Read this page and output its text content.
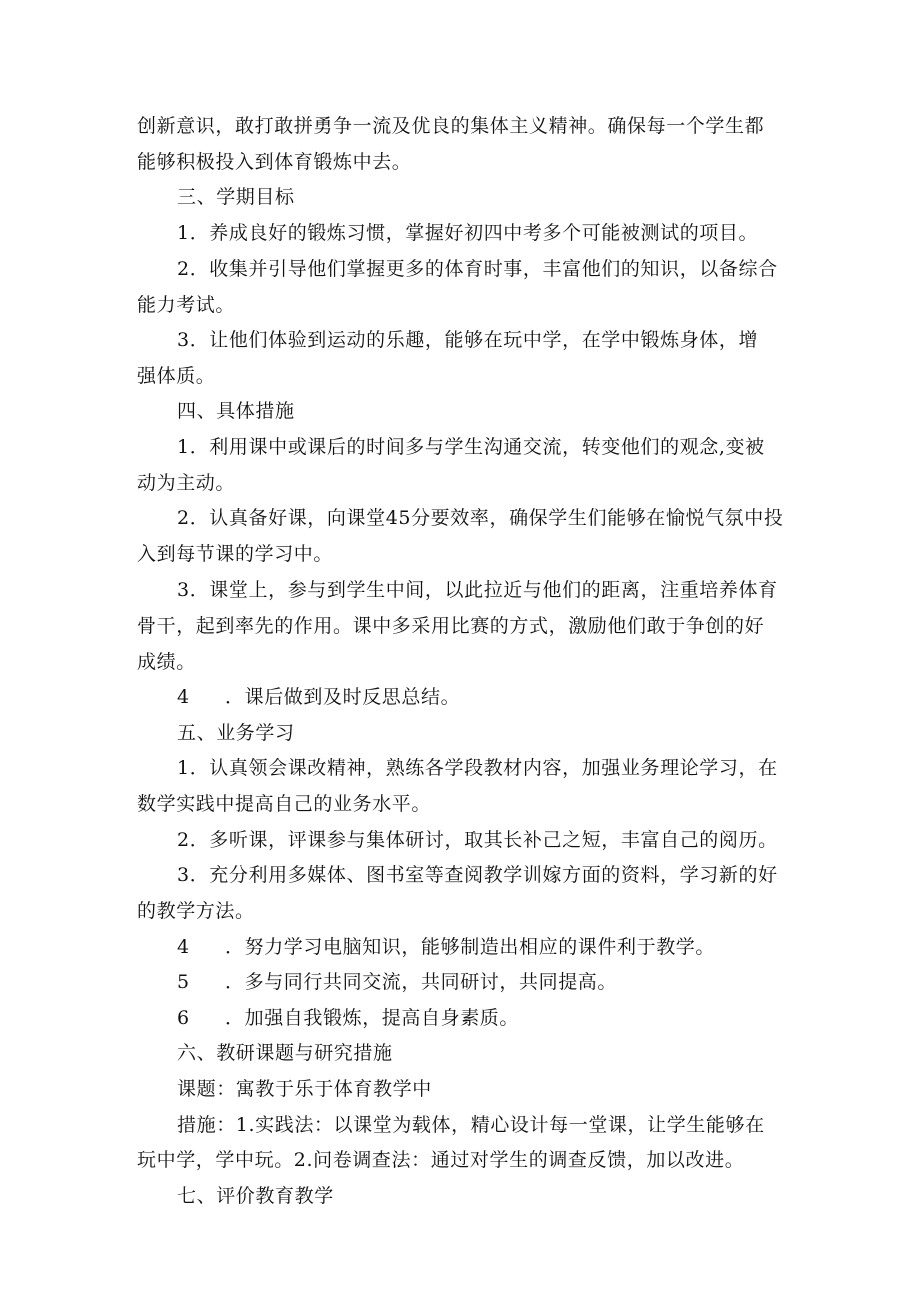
创新意识，敢打敢拼勇争一流及优良的集体主义精神。确保每一个学生都
能够积极投入到体育锻炼中去。
三、学期目标
1．养成良好的锻炼习惯，掌握好初四中考多个可能被测试的项目。
2．收集并引导他们掌握更多的体育时事，丰富他们的知识，以备综合
能力考试。
3．让他们体验到运动的乐趣，能够在玩中学，在学中锻炼身体，增
强体质。
四、具体措施
1．利用课中或课后的时间多与学生沟通交流，转变他们的观念,变被
动为主动。
2．认真备好课，向课堂45分要效率，确保学生们能够在愉悦气氛中投
入到每节课的学习中。
3．课堂上，参与到学生中间，以此拉近与他们的距离，注重培养体育
骨干，起到率先的作用。课中多采用比赛的方式，激励他们敢于争创的好
成绩。
4 ．课后做到及时反思总结。
五、业务学习
1．认真领会课改精神，熟练各学段教材内容，加强业务理论学习，在
数学实践中提高自己的业务水平。
2．多听课，评课参与集体研讨，取其长补己之短，丰富自己的阅历。
3．充分利用多媒体、图书室等查阅教学训嫁方面的资料，学习新的好
的教学方法。
4 ．努力学习电脑知识，能够制造出相应的课件利于教学。
5 ．多与同行共同交流，共同研讨，共同提高。
6 ．加强自我锻炼，提高自身素质。
六、教研课题与研究措施
课题：寓教于乐于体育教学中
措施：1.实践法：以课堂为载体，精心设计每一堂课，让学生能够在
玩中学，学中玩。2.问卷调查法：通过对学生的调查反馈，加以改进。
七、评价教育教学
